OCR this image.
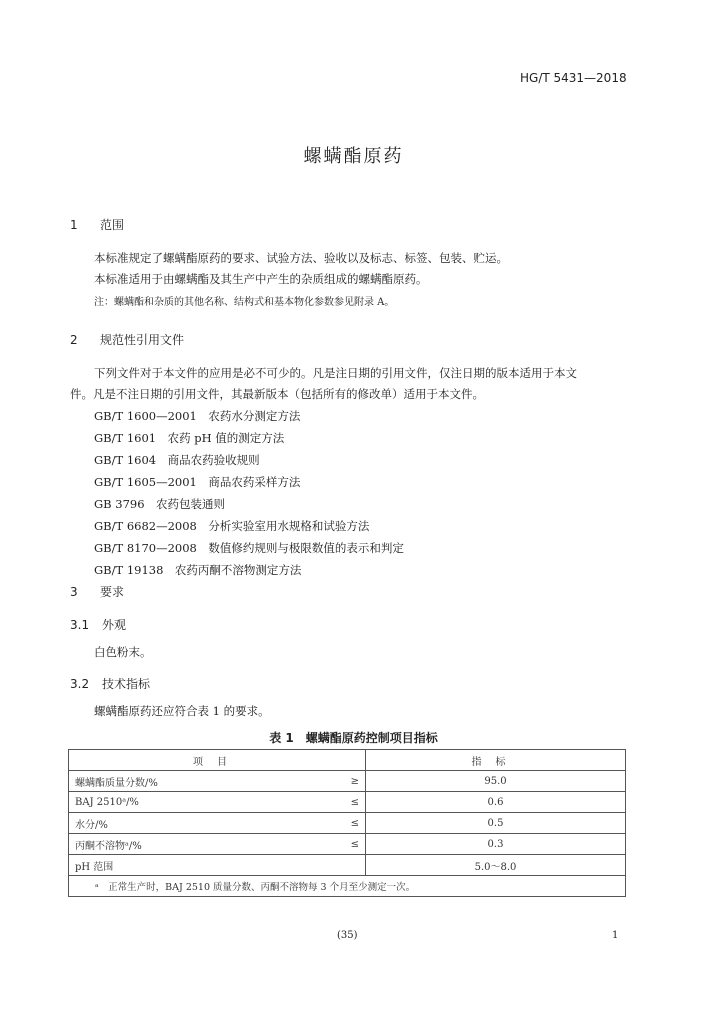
HG/T 5431—2018
螺螨酯原药
1 范围
本标准规定了螺螨酯原药的要求、试验方法、验收以及标志、标签、包装、贮运。
本标准适用于由螺螨酯及其生产中产生的杂质组成的螺螨酯原药。
注：螺螨酯和杂质的其他名称、结构式和基本物化参数参见附录 A。
2 规范性引用文件
下列文件对于本文件的应用是必不可少的。凡是注日期的引用文件，仅注日期的版本适用于本文
件。凡是不注日期的引用文件，其最新版本（包括所有的修改单）适用于本文件。
GB/T 1600—2001　农药水分测定方法
GB/T 1601　农药 pH 值的测定方法
GB/T 1604　商品农药验收规则
GB/T 1605—2001　商品农药采样方法
GB 3796　农药包装通则
GB/T 6682—2008　分析实验室用水规格和试验方法
GB/T 8170—2008　数值修约规则与极限数值的表示和判定
GB/T 19138　农药丙酮不溶物测定方法
3 要求
3.1 外观
白色粉末。
3.2 技术指标
螺螨酯原药还应符合表 1 的要求。
表 1　螺螨酯原药控制项目指标
项目		指标
螺螨酯质量分数/%	≥	95.0
BAJ 2510ᵃ/%	≤	0.6
水分/%	≤	0.5
丙酮不溶物ᵃ/%	≤	0.3
pH 范围		5.0～8.0
ᵃ　正常生产时，BAJ 2510 质量分数、丙酮不溶物每 3 个月至少测定一次。		
(35)	1
